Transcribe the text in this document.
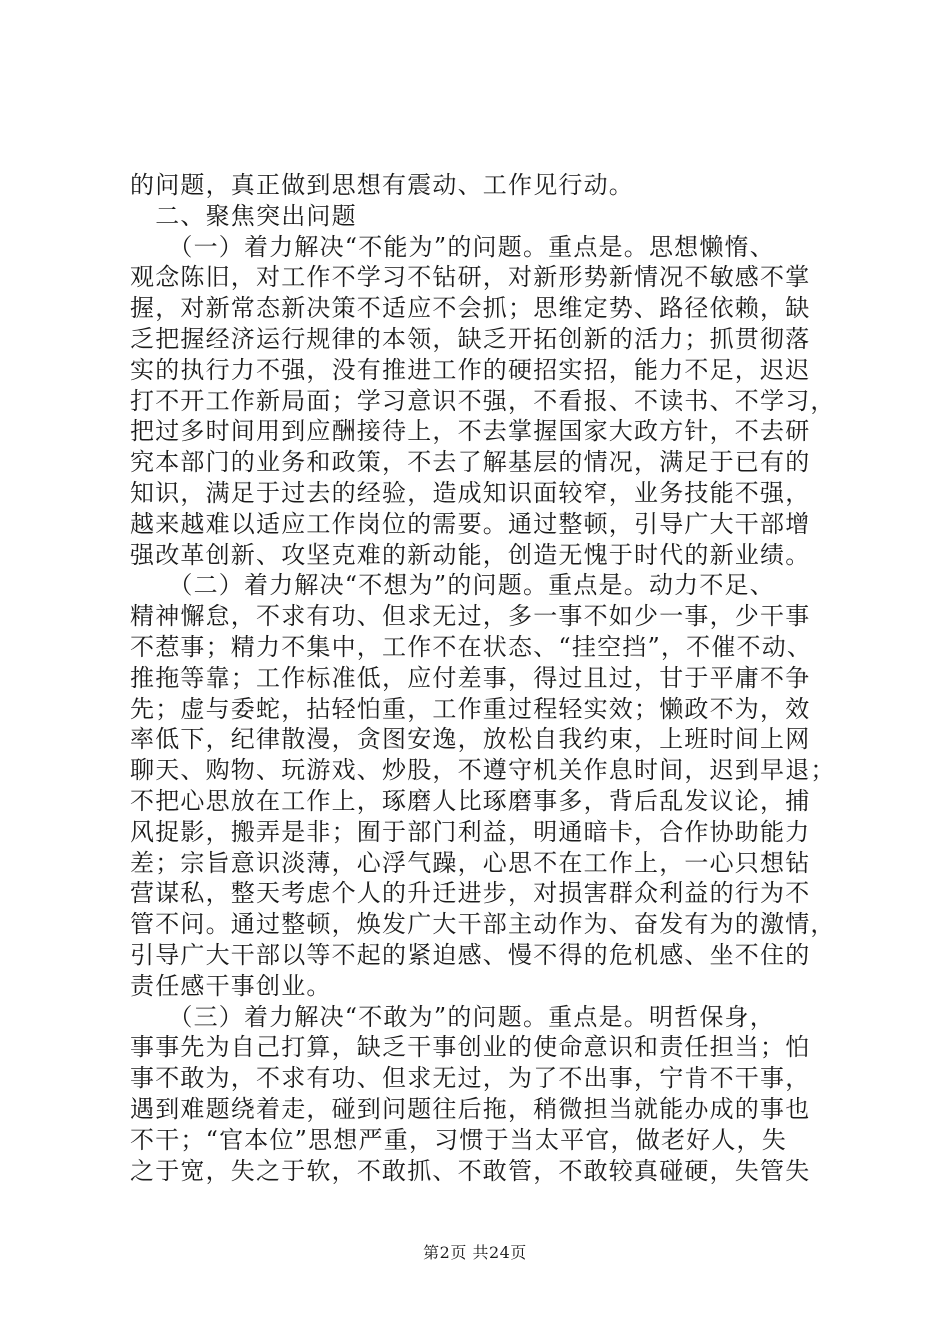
的问题，真正做到思想有震动、工作见行动。
　二、聚焦突出问题
　　（一）着力解决“不能为”的问题。重点是。思想懒惰、
观念陈旧，对工作不学习不钻研，对新形势新情况不敏感不掌
握，对新常态新决策不适应不会抓；思维定势、路径依赖，缺
乏把握经济运行规律的本领，缺乏开拓创新的活力；抓贯彻落
实的执行力不强，没有推进工作的硬招实招，能力不足，迟迟
打不开工作新局面；学习意识不强，不看报、不读书、不学习，
把过多时间用到应酬接待上，不去掌握国家大政方针，不去研
究本部门的业务和政策，不去了解基层的情况，满足于已有的
知识，满足于过去的经验，造成知识面较窄，业务技能不强，
越来越难以适应工作岗位的需要。通过整顿，引导广大干部增
强改革创新、攻坚克难的新动能，创造无愧于时代的新业绩。
　　（二）着力解决“不想为”的问题。重点是。动力不足、
精神懈怠，不求有功、但求无过，多一事不如少一事，少干事
不惹事；精力不集中，工作不在状态、“挂空挡”，不催不动、
推拖等靠；工作标准低，应付差事，得过且过，甘于平庸不争
先；虚与委蛇，拈轻怕重，工作重过程轻实效；懒政不为，效
率低下，纪律散漫，贪图安逸，放松自我约束，上班时间上网
聊天、购物、玩游戏、炒股，不遵守机关作息时间，迟到早退；
不把心思放在工作上，琢磨人比琢磨事多，背后乱发议论，捕
风捉影，搬弄是非；囿于部门利益，明通暗卡，合作协助能力
差；宗旨意识淡薄，心浮气躁，心思不在工作上，一心只想钻
营谋私，整天考虑个人的升迁进步，对损害群众利益的行为不
管不问。通过整顿，焕发广大干部主动作为、奋发有为的激情，
引导广大干部以等不起的紧迫感、慢不得的危机感、坐不住的
责任感干事创业。
　　（三）着力解决“不敢为”的问题。重点是。明哲保身，
事事先为自己打算，缺乏干事创业的使命意识和责任担当；怕
事不敢为，不求有功、但求无过，为了不出事，宁肯不干事，
遇到难题绕着走，碰到问题往后拖，稍微担当就能办成的事也
不干；“官本位”思想严重，习惯于当太平官，做老好人，失
之于宽，失之于软，不敢抓、不敢管，不敢较真碰硬，失管失
第2页 共24页
